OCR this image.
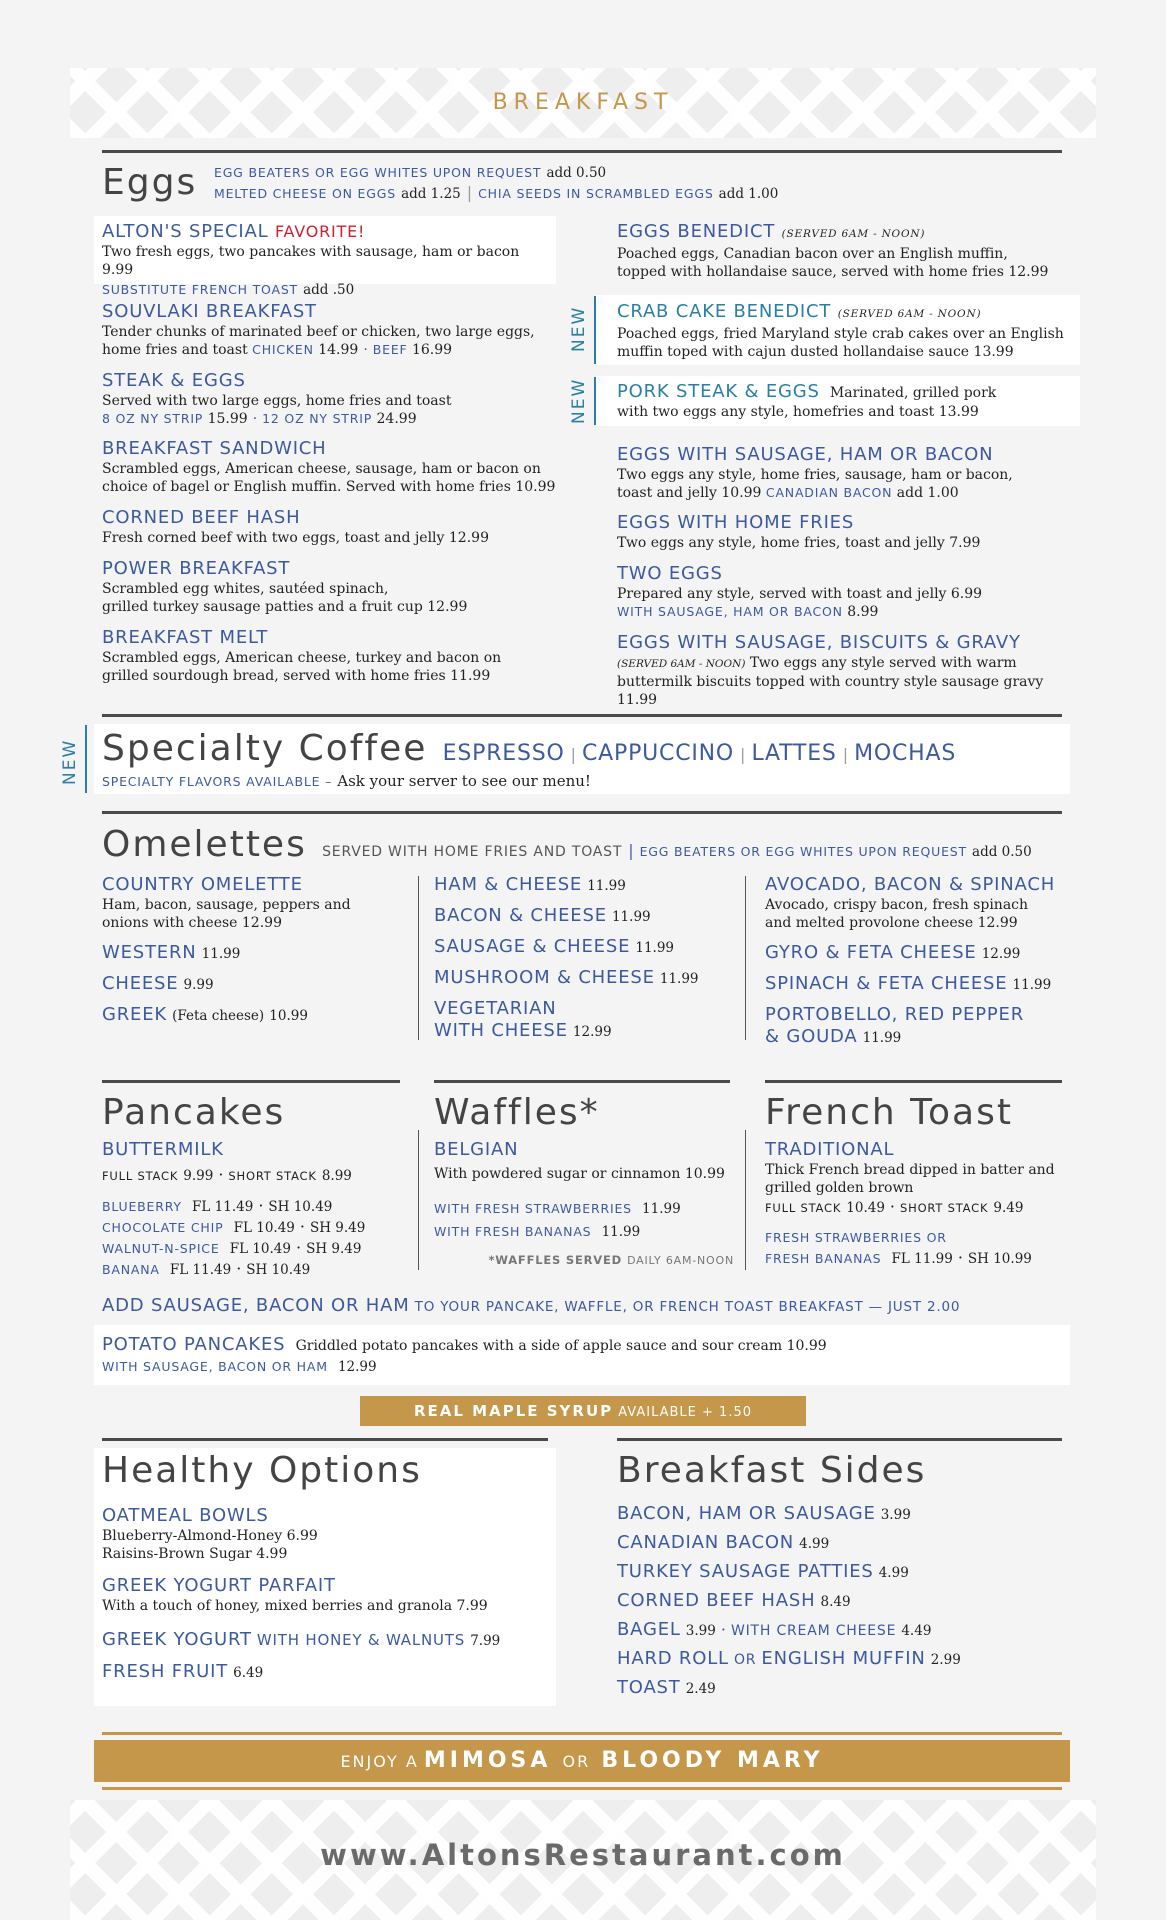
BREAKFAST
Eggs EGG BEATERS OR EGG WHITES UPON REQUEST add 0.50
MELTED CHEESE ON EGGS add 1.25 | CHIA SEEDS IN SCRAMBLED EGGS add 1.00
ALTON'S SPECIAL FAVORITE!
Two fresh eggs, two pancakes with sausage, ham or bacon 9.99
SUBSTITUTE FRENCH TOAST add .50
SOUVLAKI BREAKFAST
Tender chunks of marinated beef or chicken, two large eggs,
home fries and toast CHICKEN 14.99 · BEEF 16.99
STEAK & EGGS
Served with two large eggs, home fries and toast
8 OZ NY STRIP 15.99 · 12 OZ NY STRIP 24.99
BREAKFAST SANDWICH
Scrambled eggs, American cheese, sausage, ham or bacon on
choice of bagel or English muffin. Served with home fries 10.99
CORNED BEEF HASH
Fresh corned beef with two eggs, toast and jelly 12.99
POWER BREAKFAST
Scrambled egg whites, sautéed spinach,
grilled turkey sausage patties and a fruit cup 12.99
BREAKFAST MELT
Scrambled eggs, American cheese, turkey and bacon on
grilled sourdough bread, served with home fries 11.99
EGGS BENEDICT (SERVED 6AM - NOON)
Poached eggs, Canadian bacon over an English muffin,
topped with hollandaise sauce, served with home fries 12.99
NEW CRAB CAKE BENEDICT (SERVED 6AM - NOON)
Poached eggs, fried Maryland style crab cakes over an English
muffin toped with cajun dusted hollandaise sauce 13.99
NEW PORK STEAK & EGGS Marinated, grilled pork
with two eggs any style, homefries and toast 13.99
EGGS WITH SAUSAGE, HAM OR BACON
Two eggs any style, home fries, sausage, ham or bacon,
toast and jelly 10.99 CANADIAN BACON add 1.00
EGGS WITH HOME FRIES
Two eggs any style, home fries, toast and jelly 7.99
TWO EGGS
Prepared any style, served with toast and jelly 6.99
WITH SAUSAGE, HAM OR BACON 8.99
EGGS WITH SAUSAGE, BISCUITS & GRAVY
(SERVED 6AM - NOON) Two eggs any style served with warm
buttermilk biscuits topped with country style sausage gravy 11.99
NEW Specialty Coffee ESPRESSO | CAPPUCCINO | LATTES | MOCHAS
SPECIALTY FLAVORS AVAILABLE – Ask your server to see our menu!
Omelettes SERVED WITH HOME FRIES AND TOAST | EGG BEATERS OR EGG WHITES UPON REQUEST add 0.50
COUNTRY OMELETTE
Ham, bacon, sausage, peppers and
onions with cheese 12.99
WESTERN 11.99
CHEESE 9.99
GREEK (Feta cheese) 10.99
HAM & CHEESE 11.99
BACON & CHEESE 11.99
SAUSAGE & CHEESE 11.99
MUSHROOM & CHEESE 11.99
VEGETARIAN
WITH CHEESE 12.99
AVOCADO, BACON & SPINACH
Avocado, crispy bacon, fresh spinach
and melted provolone cheese 12.99
GYRO & FETA CHEESE 12.99
SPINACH & FETA CHEESE 11.99
PORTOBELLO, RED PEPPER
& GOUDA 11.99
Pancakes
BUTTERMILK
FULL STACK 9.99 · SHORT STACK 8.99
BLUEBERRY FL 11.49 · SH 10.49
CHOCOLATE CHIP FL 10.49 · SH 9.49
WALNUT-N-SPICE FL 10.49 · SH 9.49
BANANA FL 11.49 · SH 10.49
Waffles*
BELGIAN
With powdered sugar or cinnamon 10.99
WITH FRESH STRAWBERRIES 11.99
WITH FRESH BANANAS 11.99
*WAFFLES SERVED DAILY 6AM-NOON
French Toast
TRADITIONAL
Thick French bread dipped in batter and
grilled golden brown
FULL STACK 10.49 · SHORT STACK 9.49
FRESH STRAWBERRIES OR
FRESH BANANAS FL 11.99 · SH 10.99
ADD SAUSAGE, BACON OR HAM TO YOUR PANCAKE, WAFFLE, OR FRENCH TOAST BREAKFAST — JUST 2.00
POTATO PANCAKES Griddled potato pancakes with a side of apple sauce and sour cream 10.99
WITH SAUSAGE, BACON OR HAM 12.99
REAL MAPLE SYRUP AVAILABLE + 1.50
Healthy Options
OATMEAL BOWLS
Blueberry-Almond-Honey 6.99
Raisins-Brown Sugar 4.99
GREEK YOGURT PARFAIT
With a touch of honey, mixed berries and granola 7.99
GREEK YOGURT WITH HONEY & WALNUTS 7.99
FRESH FRUIT 6.49
Breakfast Sides
BACON, HAM OR SAUSAGE 3.99
CANADIAN BACON 4.99
TURKEY SAUSAGE PATTIES 4.99
CORNED BEEF HASH 8.49
BAGEL 3.99 · WITH CREAM CHEESE 4.49
HARD ROLL OR ENGLISH MUFFIN 2.99
TOAST 2.49
ENJOY A MIMOSA OR BLOODY MARY
www.AltonsRestaurant.com
